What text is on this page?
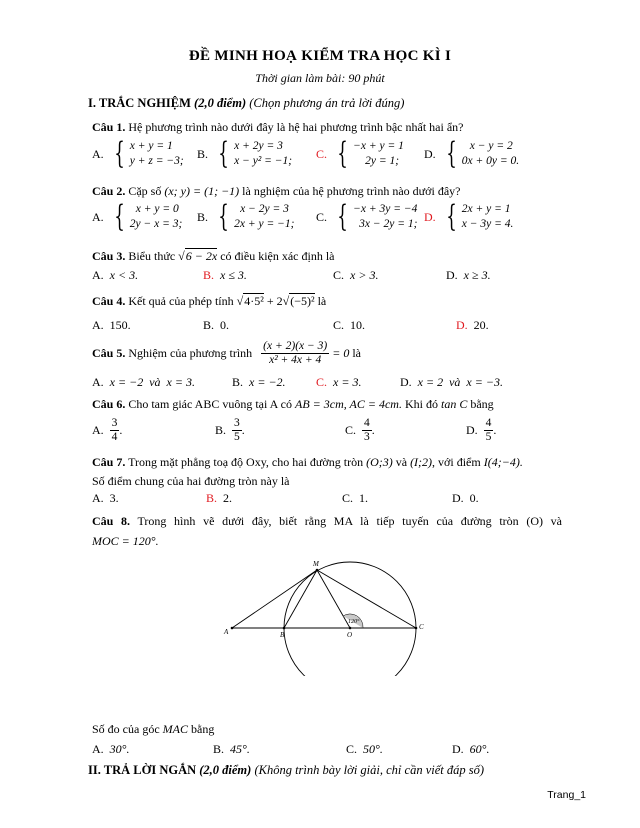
ĐỀ MINH HOẠ KIỂM TRA HỌC KÌ I
Thời gian làm bài: 90 phút
I. TRẮC NGHIỆM (2,0 điểm) (Chọn phương án trả lời đúng)
Câu 1. Hệ phương trình nào dưới đây là hệ hai phương trình bậc nhất hai ẩn?
A. { x + y = 1
y + z = −3;
B. { x + 2y = 3
x − y² = −1;
C. { −x + y = 1
2y = 1;
D. {	x − y = 2
0x + 0y = 0.
Câu 2. Cặp số (x; y) = (1; −1) là nghiệm của hệ phương trình nào dưới đây?
A. { x + y = 0
2y − x = 3;
B. { x − 2y = 3
2x + y = −1;
C. { −x + 3y = −4
3x − 2y = 1;
D. { 2x + y = 1
x − 3y = 4.
Câu 3. Biểu thức √6 − 2x có điều kiện xác định là
A. x < 3.	B. x ≤ 3.	C. x > 3.	D. x ≥ 3.
Câu 4. Kết quả của phép tính √4·5² + 2√(−5)² là
A. 150.	B. 0.	C. 10.	D. 20.
Câu 5.
Nghiệm của phương trình
$\frac{(x + 2)(x - 3)}{\text{x² + 4x + 4}}$
= 0
là
A. x = −2  và  x = 3.	B. x = −2.	C. x = 3.	D. x = 2  và  x = −3.
Câu 6. Cho tam giác ABC vuông tại A có AB = 3cm, AC = 4cm. Khi đó tan C bằng
A. $\frac{3}{4}$ .	B. $\frac{3}{5}$ .	C. $\frac{4}{3}$ .	D. $\frac{4}{5}$ .
Câu 7. Trong mặt phẳng toạ độ Oxy, cho hai đường tròn (O;3) và (I;2), với điểm I(4;−4).
Số điểm chung của hai đường tròn này là
A. 3.	B. 2.	C. 1.	D. 0.
Câu 8. Trong hình vẽ dưới đây, biết rằng MA là tiếp tuyến của đường tròn (O) và
MOC = 120°.
M
A	B	O
C
120°
Số đo của góc MAC bằng
A. 30°.	B. 45°.	C. 50°.	D. 60°.
II. TRẢ LỜI NGẮN (2,0 điểm) (Không trình bày lời giải, chỉ cần viết đáp số)
Trang_1
